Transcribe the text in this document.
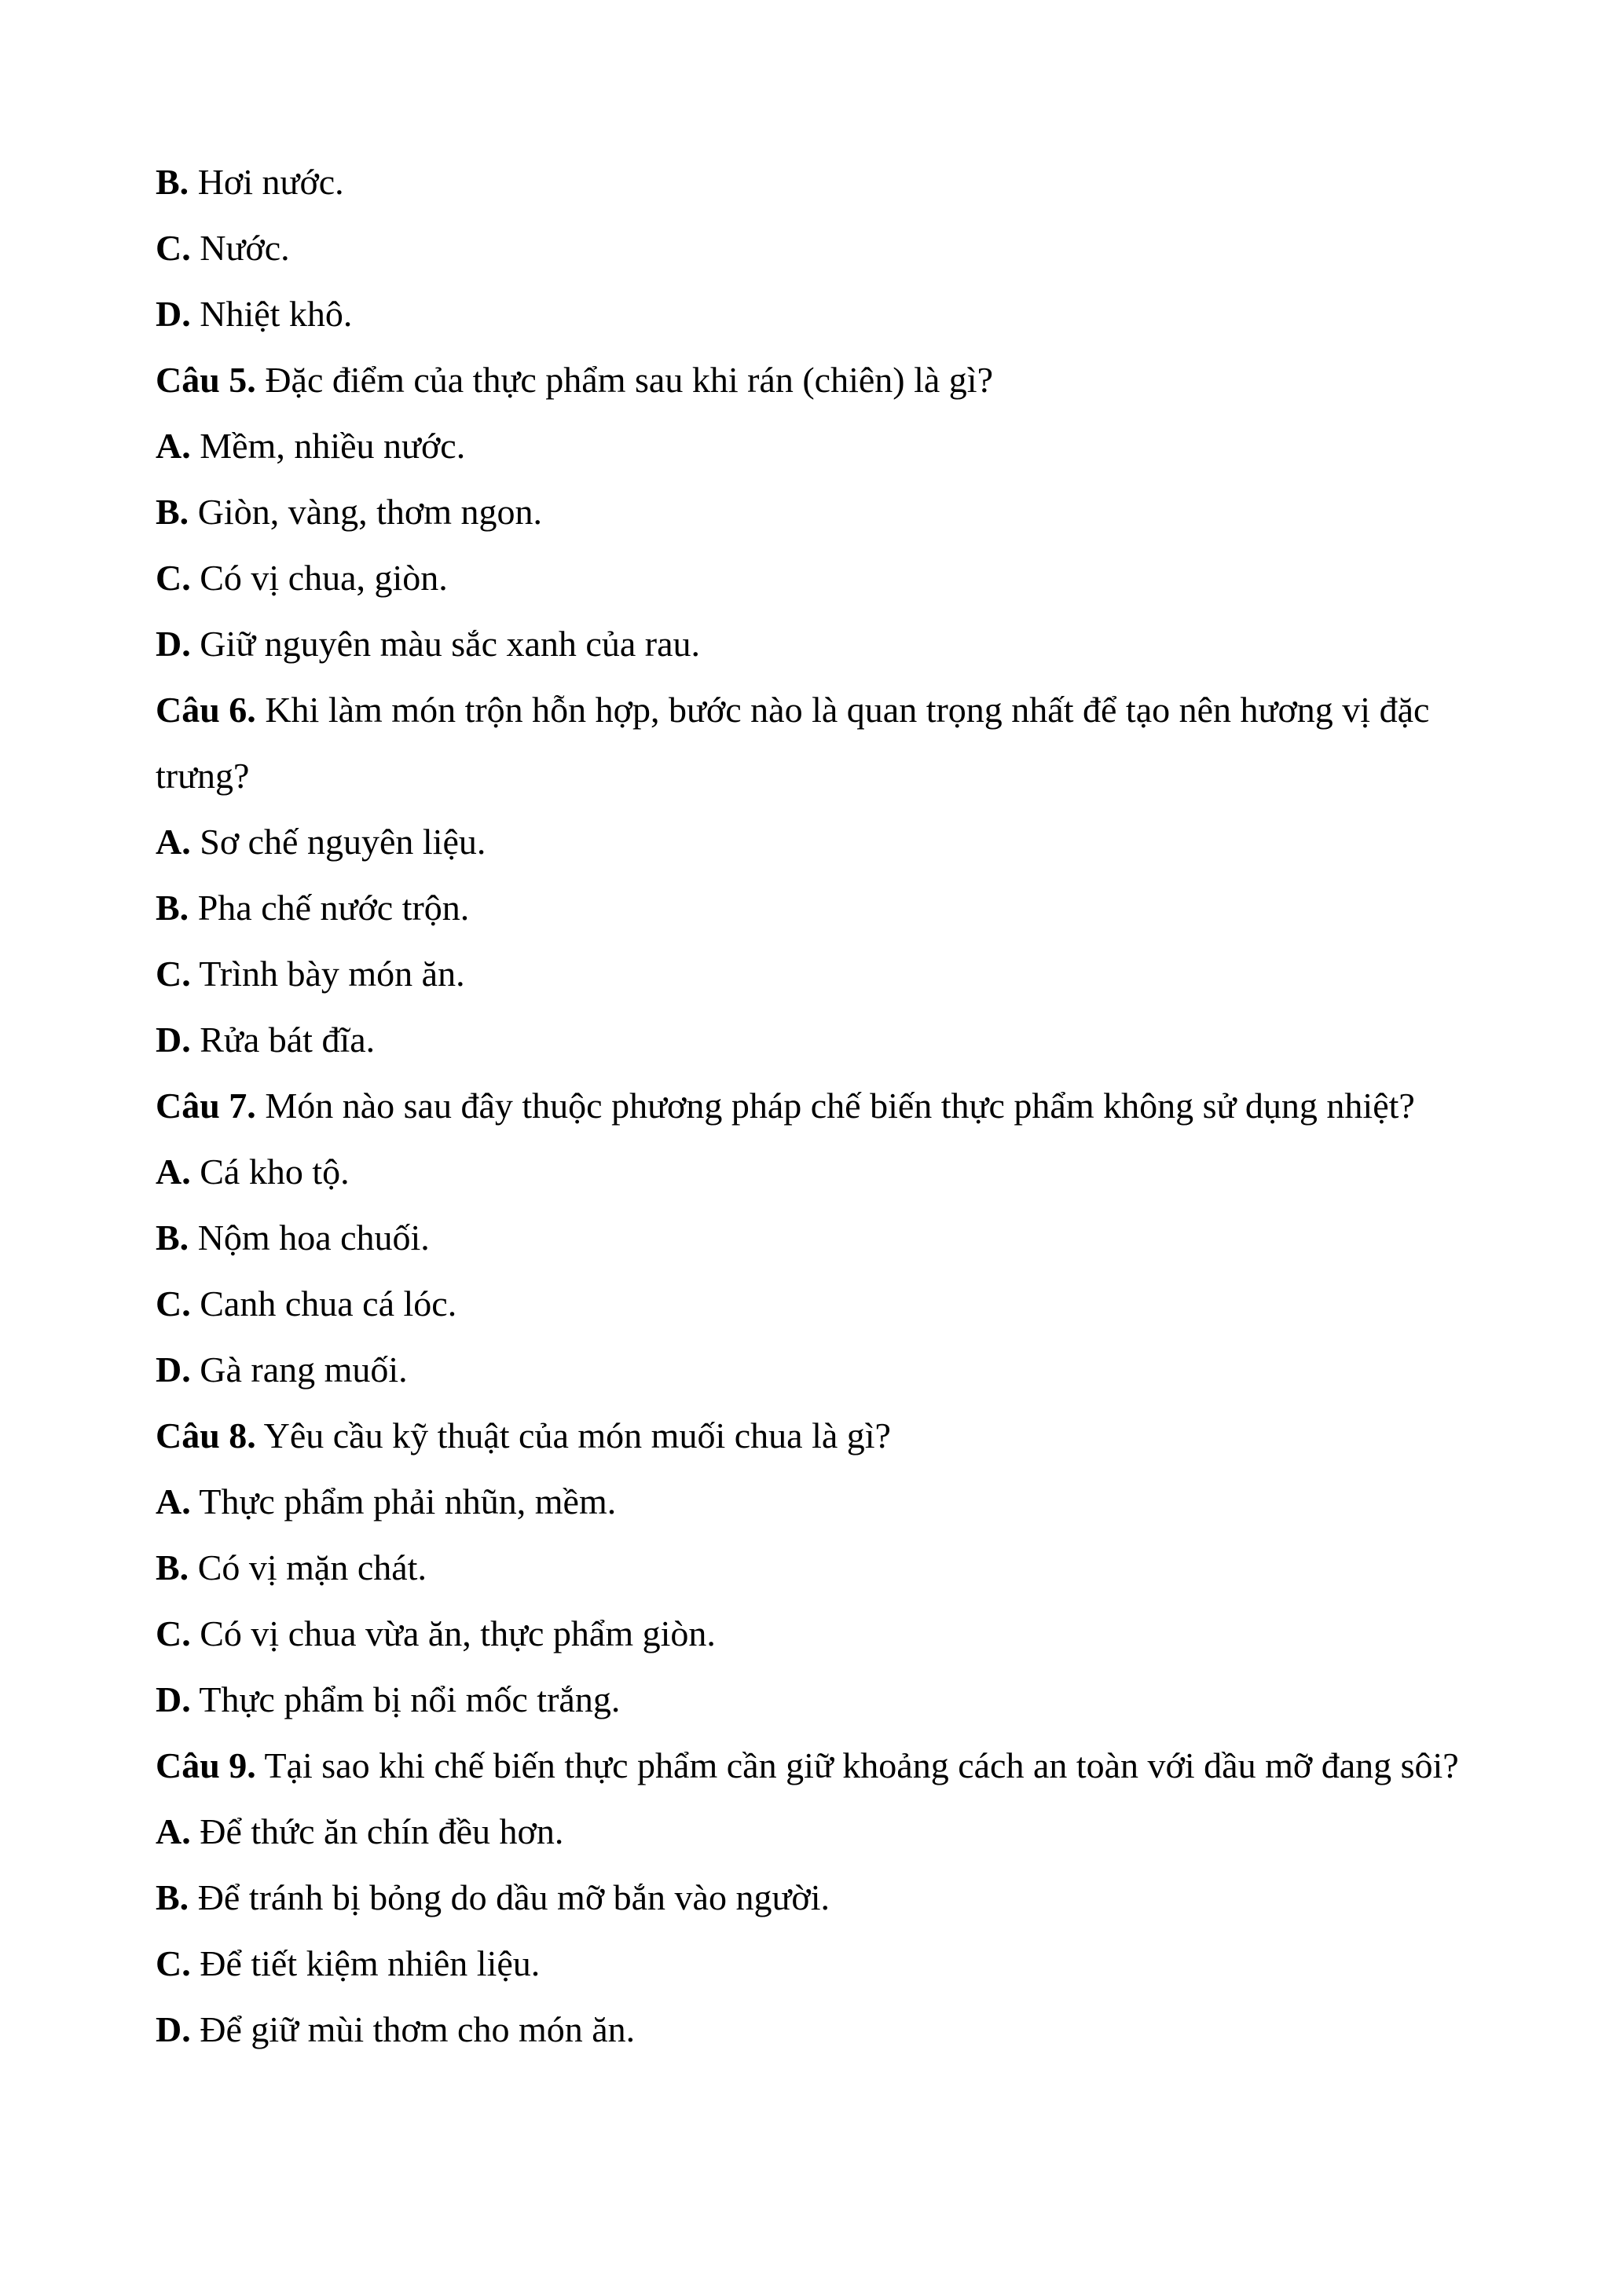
B. Hơi nước.

C. Nước.

D. Nhiệt khô.

Câu 5. Đặc điểm của thực phẩm sau khi rán (chiên) là gì?

A. Mềm, nhiều nước.

B. Giòn, vàng, thơm ngon.

C. Có vị chua, giòn.

D. Giữ nguyên màu sắc xanh của rau.

Câu 6. Khi làm món trộn hỗn hợp, bước nào là quan trọng nhất để tạo nên hương vị đặc trưng?

A. Sơ chế nguyên liệu.

B. Pha chế nước trộn.

C. Trình bày món ăn.

D. Rửa bát đĩa.

Câu 7. Món nào sau đây thuộc phương pháp chế biến thực phẩm không sử dụng nhiệt?

A. Cá kho tộ.

B. Nộm hoa chuối.

C. Canh chua cá lóc.

D. Gà rang muối.

Câu 8. Yêu cầu kỹ thuật của món muối chua là gì?

A. Thực phẩm phải nhũn, mềm.

B. Có vị mặn chát.

C. Có vị chua vừa ăn, thực phẩm giòn.

D. Thực phẩm bị nổi mốc trắng.

Câu 9. Tại sao khi chế biến thực phẩm cần giữ khoảng cách an toàn với dầu mỡ đang sôi?

A. Để thức ăn chín đều hơn.

B. Để tránh bị bỏng do dầu mỡ bắn vào người.

C. Để tiết kiệm nhiên liệu.

D. Để giữ mùi thơm cho món ăn.
